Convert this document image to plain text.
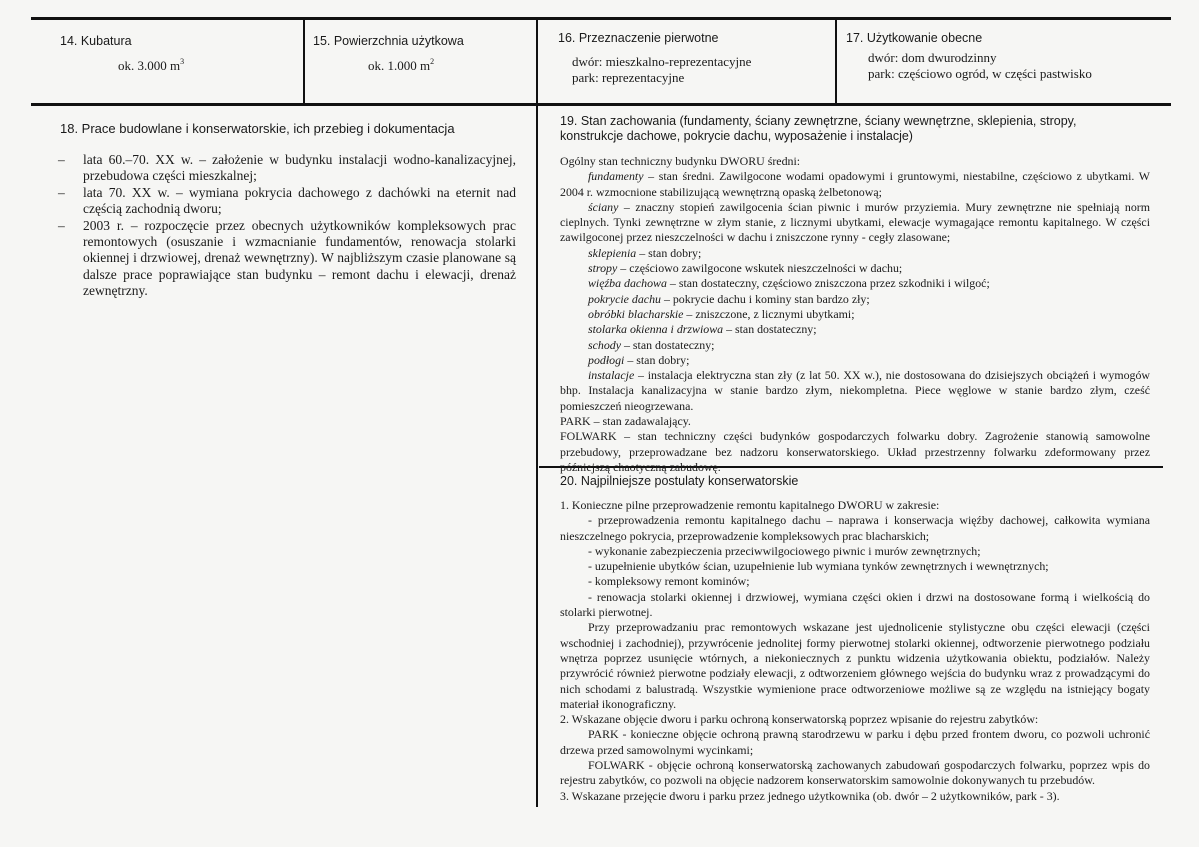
14. Kubatura
ok. 3.000 $m^3$
15. Powierzchnia użytkowa
ok. 1.000 $m^2$
16. Przeznaczenie pierwotne
dwór: mieszkalno-reprezentacyjne
park: reprezentacyjne
17. Użytkowanie obecne
dwór: dom dwurodzinny
park: częściowo ogród, w części pastwisko
18. Prace budowlane i konserwatorskie, ich przebieg i dokumentacja
– lata 60.–70. XX w. – założenie w budynku instalacji wodno-kanalizacyjnej, przebudowa części mieszkalnej;
– lata 70. XX w. – wymiana pokrycia dachowego z dachówki na eternit nad częścią zachodnią dworu;
– 2003 r. – rozpoczęcie przez obecnych użytkowników kompleksowych prac remontowych (osuszanie i wzmacnianie fundamentów, renowacja stolarki okiennej i drzwiowej, drenaż wewnętrzny). W najbliższym czasie planowane są dalsze prace poprawiające stan budynku – remont dachu i elewacji, drenaż zewnętrzny.
19. Stan zachowania (fundamenty, ściany zewnętrzne, ściany wewnętrzne, sklepienia, stropy, konstrukcje dachowe, pokrycie dachu, wyposażenie i instalacje)

Ogólny stan techniczny budynku DWORU średni:

fundamenty – stan średni. Zawilgocone wodami opadowymi i gruntowymi, niestabilne, częściowo z ubytkami. W 2004 r. wzmocnione stabilizującą wewnętrzną opaską żelbetonową;

ściany – znaczny stopień zawilgocenia ścian piwnic i murów przyziemia. Mury zewnętrzne nie spełniają norm cieplnych. Tynki zewnętrzne w złym stanie, z licznymi ubytkami, elewacje wymagające remontu kapitalnego. W części zawilgoconej przez nieszczelności w dachu i zniszczone rynny - cegły zlasowane;

sklepienia – stan dobry;

stropy – częściowo zawilgocone wskutek nieszczelności w dachu;

więźba dachowa – stan dostateczny, częściowo zniszczona przez szkodniki i wilgoć;

pokrycie dachu – pokrycie dachu i kominy stan bardzo zły;

obróbki blacharskie – zniszczone, z licznymi ubytkami;

stolarka okienna i drzwiowa – stan dostateczny;

schody – stan dostateczny;

podłogi – stan dobry;

instalacje – instalacja elektryczna stan zły (z lat 50. XX w.), nie dostosowana do dzisiejszych obciążeń i wymogów bhp. Instalacja kanalizacyjna w stanie bardzo złym, niekompletna. Piece węglowe w stanie bardzo złym, cześć pomieszczeń nieogrzewana.

PARK – stan zadawalający.

FOLWARK – stan techniczny części budynków gospodarczych folwarku dobry. Zagrożenie stanowią samowolne przebudowy, przeprowadzane bez nadzoru konserwatorskiego. Układ przestrzenny folwarku zdeformowany przez późniejszą chaotyczną zabudowę.

20. Najpilniejsze postulaty konserwatorskie

1. Konieczne pilne przeprowadzenie remontu kapitalnego DWORU w zakresie:

- przeprowadzenia remontu kapitalnego dachu – naprawa i konserwacja więźby dachowej, całkowita wymiana nieszczelnego pokrycia, przeprowadzenie kompleksowych prac blacharskich;

- wykonanie zabezpieczenia przeciwwilgociowego piwnic i murów zewnętrznych;

- uzupełnienie ubytków ścian, uzupełnienie lub wymiana tynków zewnętrznych i wewnętrznych;

- kompleksowy remont kominów;

- renowacja stolarki okiennej i drzwiowej, wymiana części okien i drzwi na dostosowane formą i wielkością do stolarki pierwotnej.

Przy przeprowadzaniu prac remontowych wskazane jest ujednolicenie stylistyczne obu części elewacji (części wschodniej i zachodniej), przywrócenie jednolitej formy pierwotnej stolarki okiennej, odtworzenie pierwotnego podziału wnętrza poprzez usunięcie wtórnych, a niekoniecznych z punktu widzenia użytkowania obiektu, podziałów. Należy przywrócić również pierwotne podziały elewacji, z odtworzeniem głównego wejścia do budynku wraz z prowadzącymi do nich schodami z balustradą. Wszystkie wymienione prace odtworzeniowe możliwe są ze względu na istniejący bogaty materiał ikonograficzny.

2. Wskazane objęcie dworu i parku ochroną konserwatorską poprzez wpisanie do rejestru zabytków:

PARK - konieczne objęcie ochroną prawną starodrzewu w parku i dębu przed frontem dworu, co pozwoli uchronić drzewa przed samowolnymi wycinkami;

FOLWARK - objęcie ochroną konserwatorską zachowanych zabudowań gospodarczych folwarku, poprzez wpis do rejestru zabytków, co pozwoli na objęcie nadzorem konserwatorskim samowolnie dokonywanych tu przebudów.

3. Wskazane przejęcie dworu i parku przez jednego użytkownika (ob. dwór – 2 użytkowników, park - 3).
